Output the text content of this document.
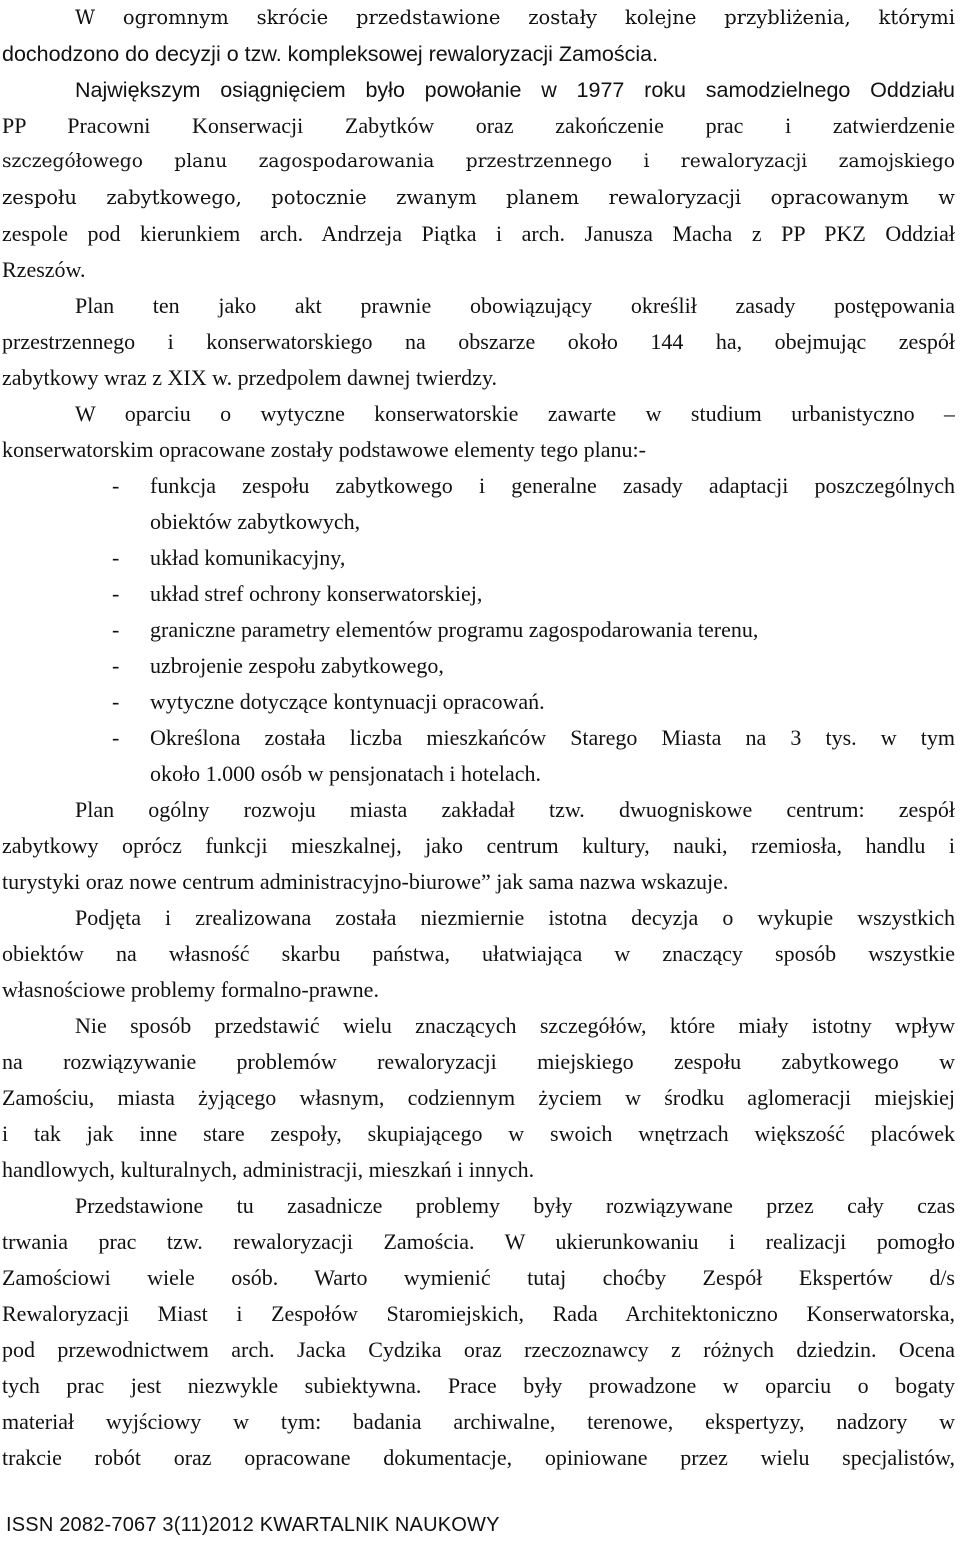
W ogromnym skrócie przedstawione zostały kolejne przybliżenia, którymi
dochodzono do decyzji o tzw. kompleksowej rewaloryzacji Zamościa.
Największym osiągnięciem było powołanie w 1977 roku samodzielnego Oddziału
PP Pracowni Konserwacji Zabytków oraz zakończenie prac i zatwierdzenie
szczegółowego planu zagospodarowania przestrzennego i rewaloryzacji zamojskiego
zespołu zabytkowego, potocznie zwanym planem rewaloryzacji opracowanym w
zespole pod kierunkiem arch. Andrzeja Piątka i arch. Janusza Macha z PP PKZ Oddział
Rzeszów.
Plan ten jako akt prawnie obowiązujący określił zasady postępowania
przestrzennego i konserwatorskiego na obszarze około 144 ha, obejmując zespół
zabytkowy wraz z XIX w. przedpolem dawnej twierdzy.
W oparciu o wytyczne konserwatorskie zawarte w studium urbanistyczno –
konserwatorskim opracowane zostały podstawowe elementy tego planu:-
-	funkcja zespołu zabytkowego i generalne zasady adaptacji poszczególnych
obiektów zabytkowych,
-	układ komunikacyjny,
-	układ stref ochrony konserwatorskiej,
-	graniczne parametry elementów programu zagospodarowania terenu,
-	uzbrojenie zespołu zabytkowego,
-	wytyczne dotyczące kontynuacji opracowań.
-	Określona została liczba mieszkańców Starego Miasta na 3 tys. w tym
około 1.000 osób w pensjonatach i hotelach.
Plan ogólny rozwoju miasta zakładał tzw. dwuogniskowe centrum: zespół
zabytkowy oprócz funkcji mieszkalnej, jako centrum kultury, nauki, rzemiosła, handlu i
turystyki oraz nowe centrum administracyjno-biurowe” jak sama nazwa wskazuje.
Podjęta i zrealizowana została niezmiernie istotna decyzja o wykupie wszystkich
obiektów na własność skarbu państwa, ułatwiająca w znaczący sposób wszystkie
własnościowe problemy formalno-prawne.
Nie sposób przedstawić wielu znaczących szczegółów, które miały istotny wpływ
na rozwiązywanie problemów rewaloryzacji miejskiego zespołu zabytkowego w
Zamościu, miasta żyjącego własnym, codziennym życiem w środku aglomeracji miejskiej
i tak jak inne stare zespoły, skupiającego w swoich wnętrzach większość placówek
handlowych, kulturalnych, administracji, mieszkań i innych.
Przedstawione tu zasadnicze problemy były rozwiązywane przez cały czas
trwania prac tzw. rewaloryzacji Zamościa. W ukierunkowaniu i realizacji pomogło
Zamościowi wiele osób. Warto wymienić tutaj choćby Zespół Ekspertów d/s
Rewaloryzacji Miast i Zespołów Staromiejskich, Rada Architektoniczno Konserwatorska,
pod przewodnictwem arch. Jacka Cydzika oraz rzeczoznawcy z różnych dziedzin. Ocena
tych prac jest niezwykle subiektywna. Prace były prowadzone w oparciu o bogaty
materiał wyjściowy w tym: badania archiwalne, terenowe, ekspertyzy, nadzory w
trakcie robót oraz opracowane dokumentacje, opiniowane przez wielu specjalistów,
ISSN 2082-7067 3(11)2012 KWARTALNIK NAUKOWY
